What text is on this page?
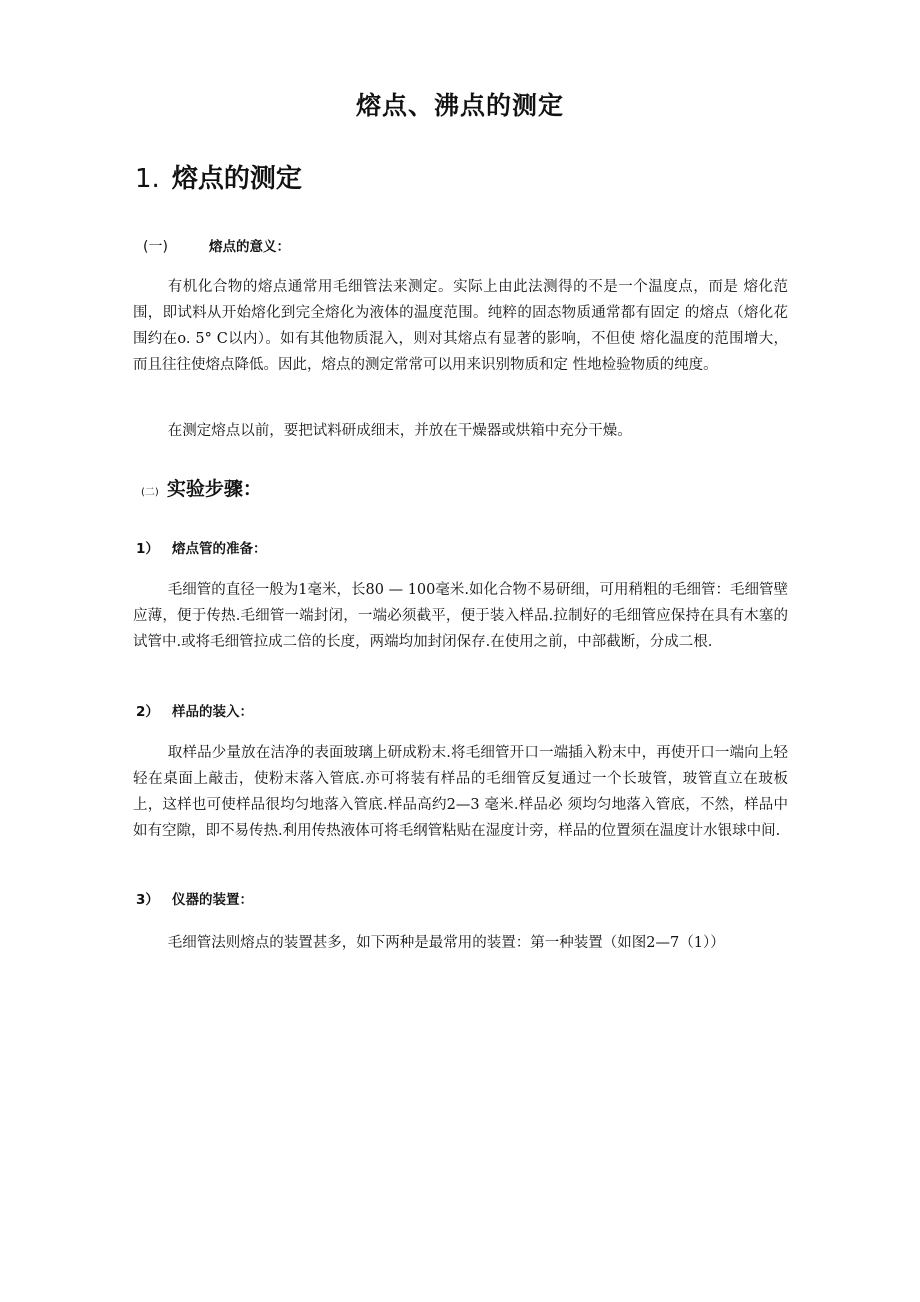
熔点、沸点的测定
1. 熔点的测定
(一)	熔点的意义：
有机化合物的熔点通常用毛细管法来测定。实际上由此法测得的不是一个温度点，而是 熔化范围，即试料从开始熔化到完全熔化为液体的温度范围。纯粹的固态物质通常都有固定 的熔点（熔化花围约在o. 5° C以内）。如有其他物质混入，则对其熔点有显著的影响，不但使 熔化温度的范围增大，而且往往使熔点降低。因此，熔点的测定常常可以用来识别物质和定 性地检验物质的纯度。
在测定熔点以前，要把试料研成细末，并放在干燥器或烘箱中充分干燥。
(二) 实验步骤：
1） 熔点管的准备：
毛细管的直径一般为1毫米，长80 — 100毫米.如化合物不易研细，可用稍粗的毛细管：毛细管壁应薄，便于传热.毛细管一端封闭，一端必须截平，便于装入样品.拉制好的毛细管应保持在具有木塞的试管中.或将毛细管拉成二倍的长度，两端均加封闭保存.在使用之前，中部截断，分成二根.
2） 样品的装入：
取样品少量放在洁净的表面玻璃上研成粉末.将毛细管开口一端插入粉末中，再使开口一端向上轻轻在桌面上敲击，使粉末落入管底.亦可将装有样品的毛细管反复通过一个长玻管，玻管直立在玻板上，这样也可使样品很均匀地落入管底.样品高约2—3 毫米.样品必 须均匀地落入管底，不然，样品中如有空隙，即不易传热.利用传热液体可将毛纲管粘贴在湿度计旁，样品的位置须在温度计水银球中间.
3） 仪器的装置：
毛细管法则熔点的装置甚多，如下两种是最常用的装置：第一种装置（如图2—7（1））
